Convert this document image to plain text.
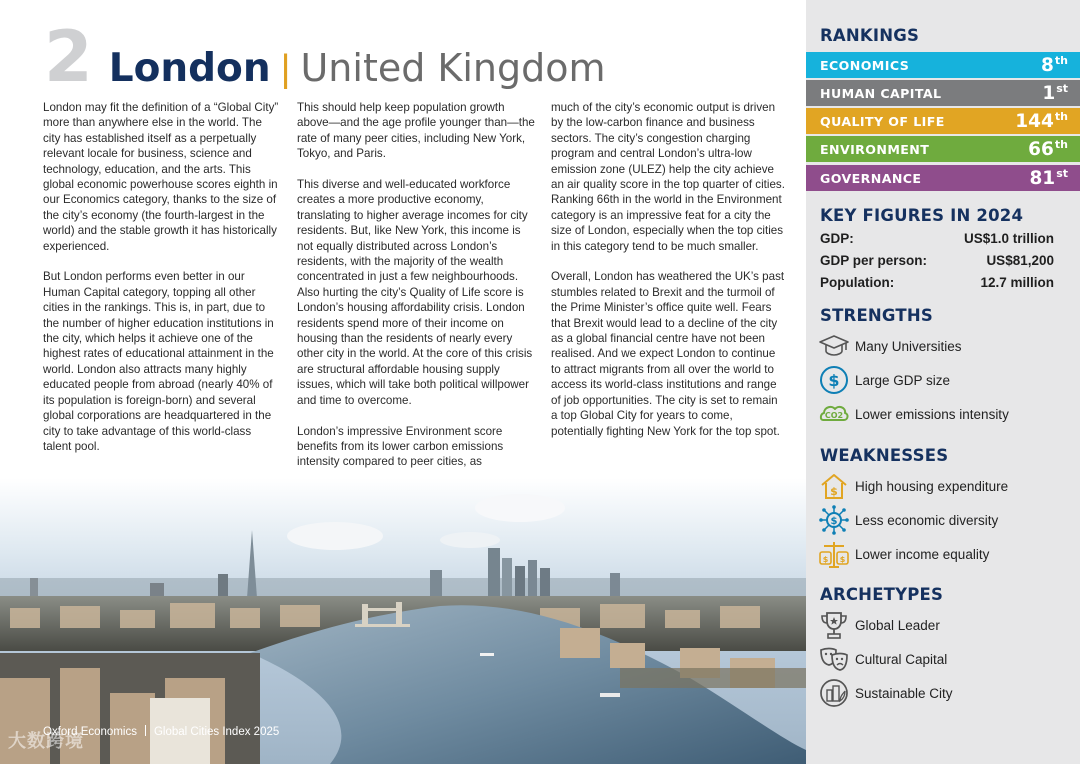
2 London | United Kingdom

London may fit the definition of a “Global City” more than anywhere else in the world. The city has established itself as a perpetually relevant locale for business, science and technology, education, and the arts. This global economic powerhouse scores eighth in our Economics category, thanks to the size of the city’s economy (the fourth-largest in the world) and the stable growth it has historically experienced.

But London performs even better in our Human Capital category, topping all other cities in the rankings. This is, in part, due to the number of higher education institutions in the city, which helps it achieve one of the highest rates of educational attainment in the world. London also attracts many highly educated people from abroad (nearly 40% of its population is foreign-born) and several global corporations are headquartered in the city to take advantage of this world-class talent pool.

This should help keep population growth above—and the age profile younger than—the rate of many peer cities, including New York, Tokyo, and Paris.

This diverse and well-educated workforce creates a more productive economy, translating to higher average incomes for city residents. But, like New York, this income is not equally distributed across London’s residents, with the majority of the wealth concentrated in just a few neighbourhoods. Also hurting the city’s Quality of Life score is London’s housing affordability crisis. London residents spend more of their income on housing than the residents of nearly every other city in the world. At the core of this crisis are structural affordable housing supply issues, which will take both political willpower and time to overcome.

London’s impressive Environment score benefits from its lower carbon emissions intensity compared to peer cities, as

much of the city’s economic output is driven by the low-carbon finance and business sectors. The city’s congestion charging program and central London’s ultra-low emission zone (ULEZ) help the city achieve an air quality score in the top quarter of cities. Ranking 66th in the world in the Environment category is an impressive feat for a city the size of London, especially when the top cities in this category tend to be much smaller.

Overall, London has weathered the UK’s past stumbles related to Brexit and the turmoil of the Prime Minister’s office quite well. Fears that Brexit would lead to a decline of the city as a global financial centre have not been realised. And we expect London to continue to attract migrants from all over the world to access its world-class institutions and range of job opportunities. The city is set to remain a top Global City for years to come, potentially fighting New York for the top spot.

大数跨境
Oxford Economics Global Cities Index 2025
RANKINGS
ECONOMICS	8th
HUMAN CAPITAL	1st
QUALITY OF LIFE	144th
ENVIRONMENT	66th
GOVERNANCE	81st
KEY FIGURES IN 2024
GDP:	US$1.0 trillion
GDP per person:	US$81,200
Population:	12.7 million
STRENGTHS
Many Universities
$ Large GDP size
CO2 Lower emissions intensity
WEAKNESSES
$ High housing expenditure
$ Less economic diversity
$ $ Lower income equality
ARCHETYPES
Global Leader
Cultural Capital
Sustainable City
